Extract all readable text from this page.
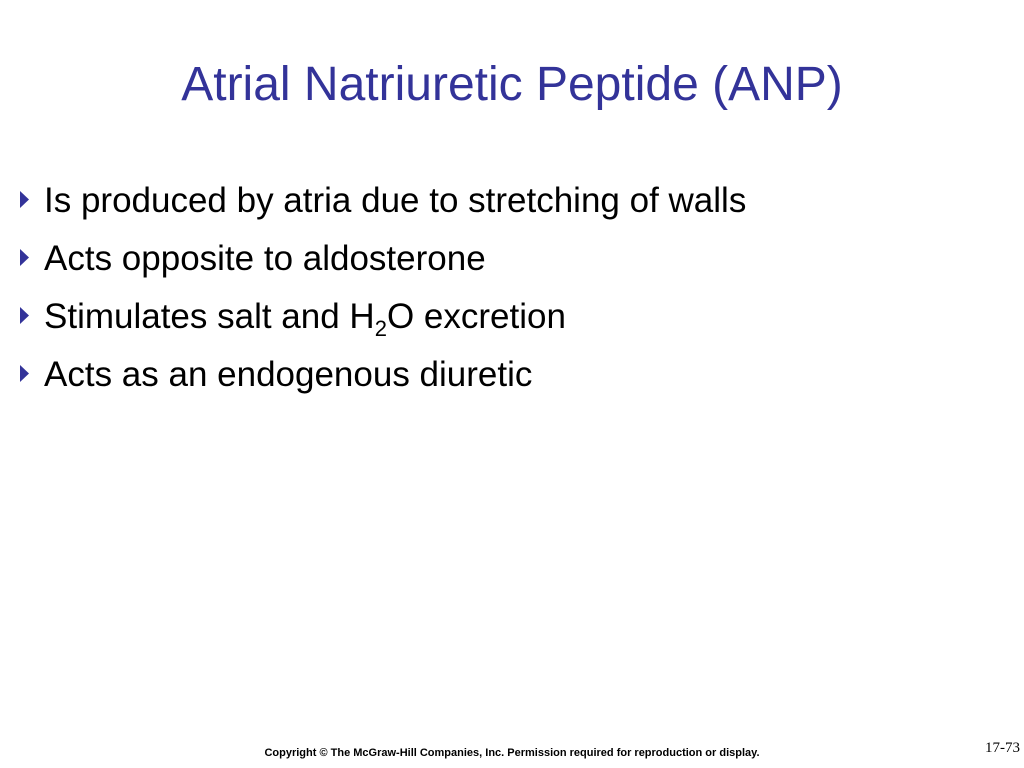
Atrial Natriuretic Peptide (ANP)
Is produced by atria due to stretching of walls
Acts opposite to aldosterone
Stimulates salt and $H_2O$ excretion
Acts as an endogenous diuretic
Copyright © The McGraw-Hill Companies, Inc. Permission required for reproduction or display.	17-73
